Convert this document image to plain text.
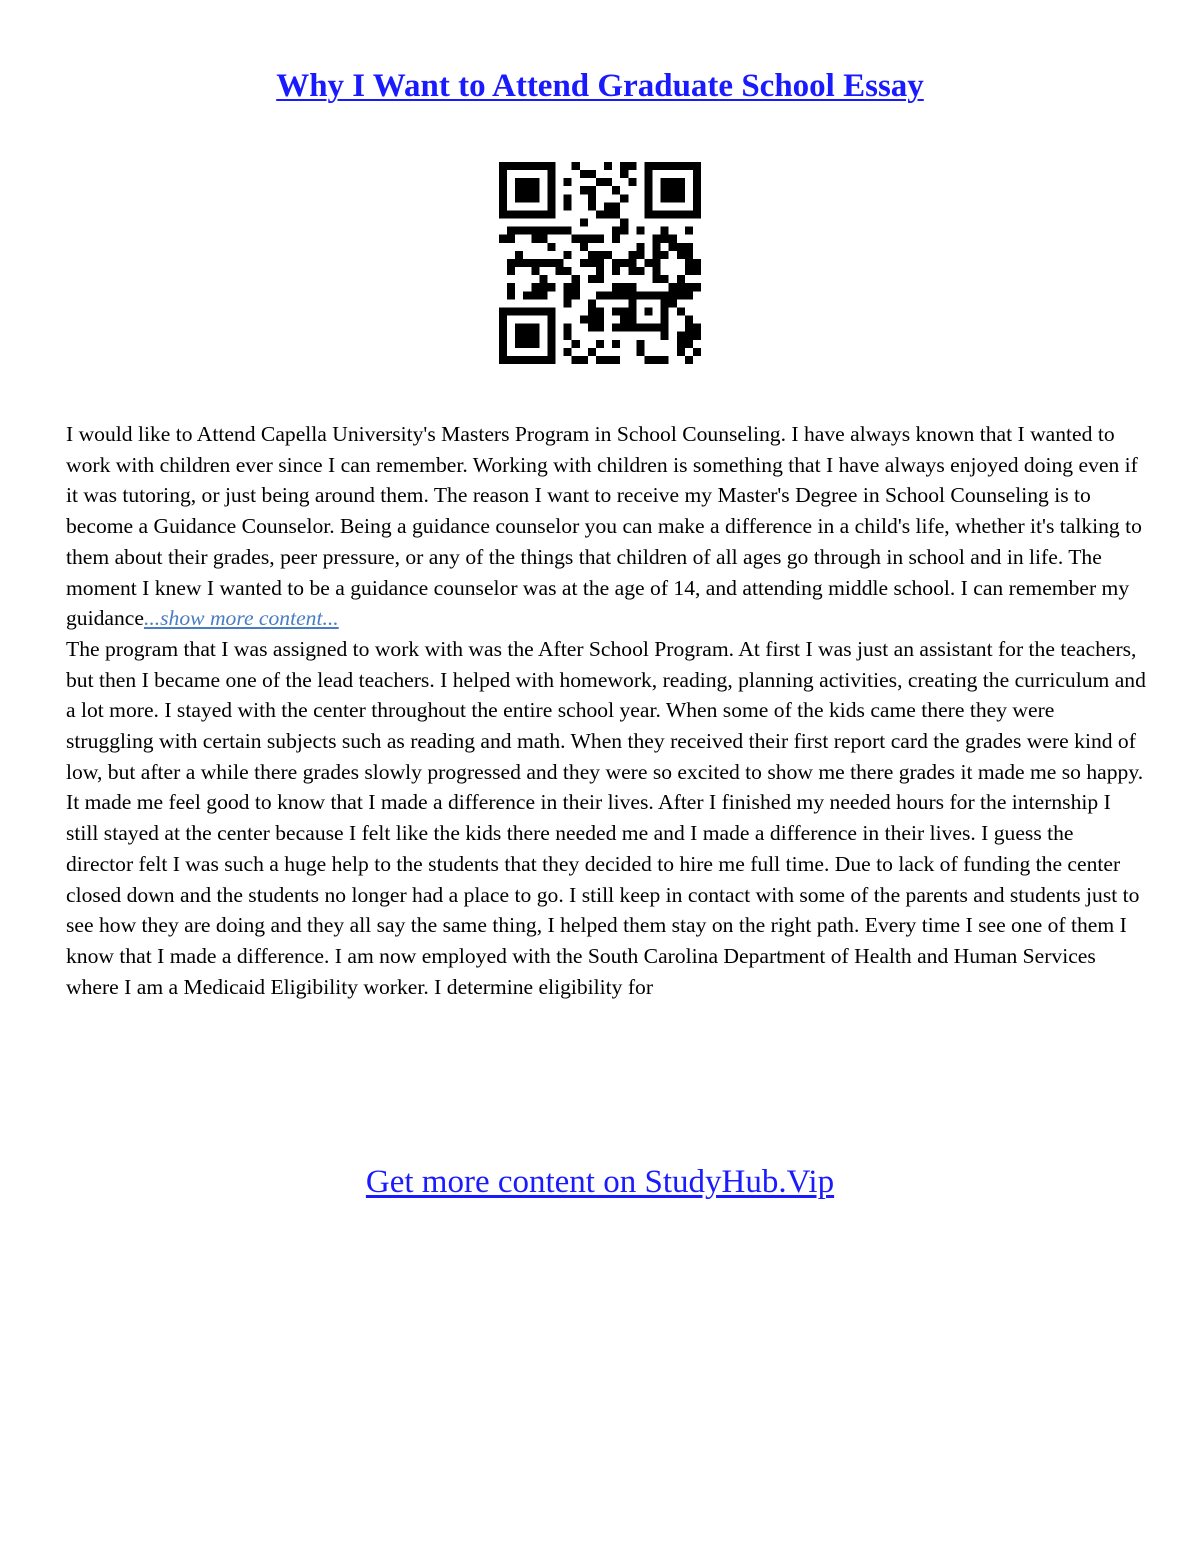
Why I Want to Attend Graduate School Essay

I would like to Attend Capella University's Masters Program in School Counseling. I have always known that I wanted to work with children ever since I can remember. Working with children is something that I have always enjoyed doing even if it was tutoring, or just being around them. The reason I want to receive my Master's Degree in School Counseling is to become a Guidance Counselor. Being a guidance counselor you can make a difference in a child's life, whether it's talking to them about their grades, peer pressure, or any of the things that children of all ages go through in school and in life. The moment I knew I wanted to be a guidance counselor was at the age of 14, and attending middle school. I can remember my guidance...show more content...

The program that I was assigned to work with was the After School Program. At first I was just an assistant for the teachers, but then I became one of the lead teachers. I helped with homework, reading, planning activities, creating the curriculum and a lot more. I stayed with the center throughout the entire school year. When some of the kids came there they were struggling with certain subjects such as reading and math. When they received their first report card the grades were kind of low, but after a while there grades slowly progressed and they were so excited to show me there grades it made me so happy. It made me feel good to know that I made a difference in their lives. After I finished my needed hours for the internship I still stayed at the center because I felt like the kids there needed me and I made a difference in their lives. I guess the director felt I was such a huge help to the students that they decided to hire me full time. Due to lack of funding the center closed down and the students no longer had a place to go. I still keep in contact with some of the parents and students just to see how they are doing and they all say the same thing, I helped them stay on the right path. Every time I see one of them I know that I made a difference. I am now employed with the South Carolina Department of Health and Human Services where I am a Medicaid Eligibility worker. I determine eligibility for

Get more content on StudyHub.Vip
